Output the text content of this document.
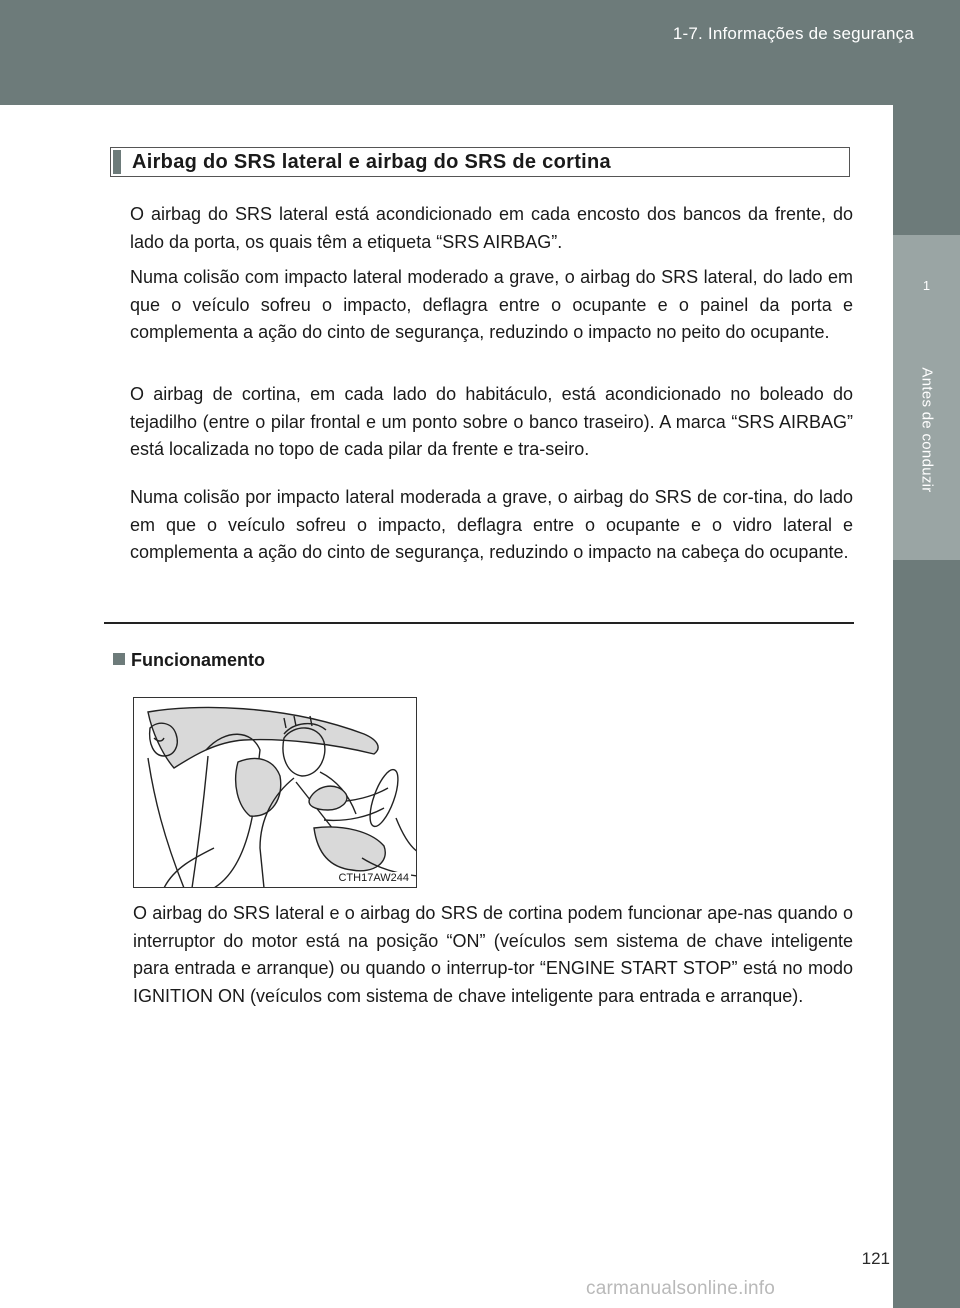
1-7. Informações de segurança
1
Antes de conduzir
Airbag do SRS lateral e airbag do SRS de cortina
O airbag do SRS lateral está acondicionado em cada encosto dos bancos da frente, do lado da porta, os quais têm a etiqueta “SRS AIRBAG”.
Numa colisão com impacto lateral moderado a grave, o airbag do SRS lateral, do lado em que o veículo sofreu o impacto, deflagra entre o ocupante e o painel da porta e complementa a ação do cinto de segurança, reduzindo o impacto no peito do ocupante.
O airbag de cortina, em cada lado do habitáculo, está acondicionado no boleado do tejadilho (entre o pilar frontal e um ponto sobre o banco traseiro). A marca “SRS AIRBAG” está localizada no topo de cada pilar da frente e tra-seiro.
Numa colisão por impacto lateral moderada a grave, o airbag do SRS de cor-tina, do lado em que o veículo sofreu o impacto, deflagra entre o ocupante e o vidro lateral e complementa a ação do cinto de segurança, reduzindo o impacto na cabeça do ocupante.
Funcionamento
CTH17AW244
O airbag do SRS lateral e o airbag do SRS de cortina podem funcionar ape-nas quando o interruptor do motor está na posição “ON” (veículos sem sistema de chave inteligente para entrada e arranque) ou quando o interrup-tor “ENGINE START STOP” está no modo IGNITION ON (veículos com sistema de chave inteligente para entrada e arranque).
121
carmanualsonline.info
